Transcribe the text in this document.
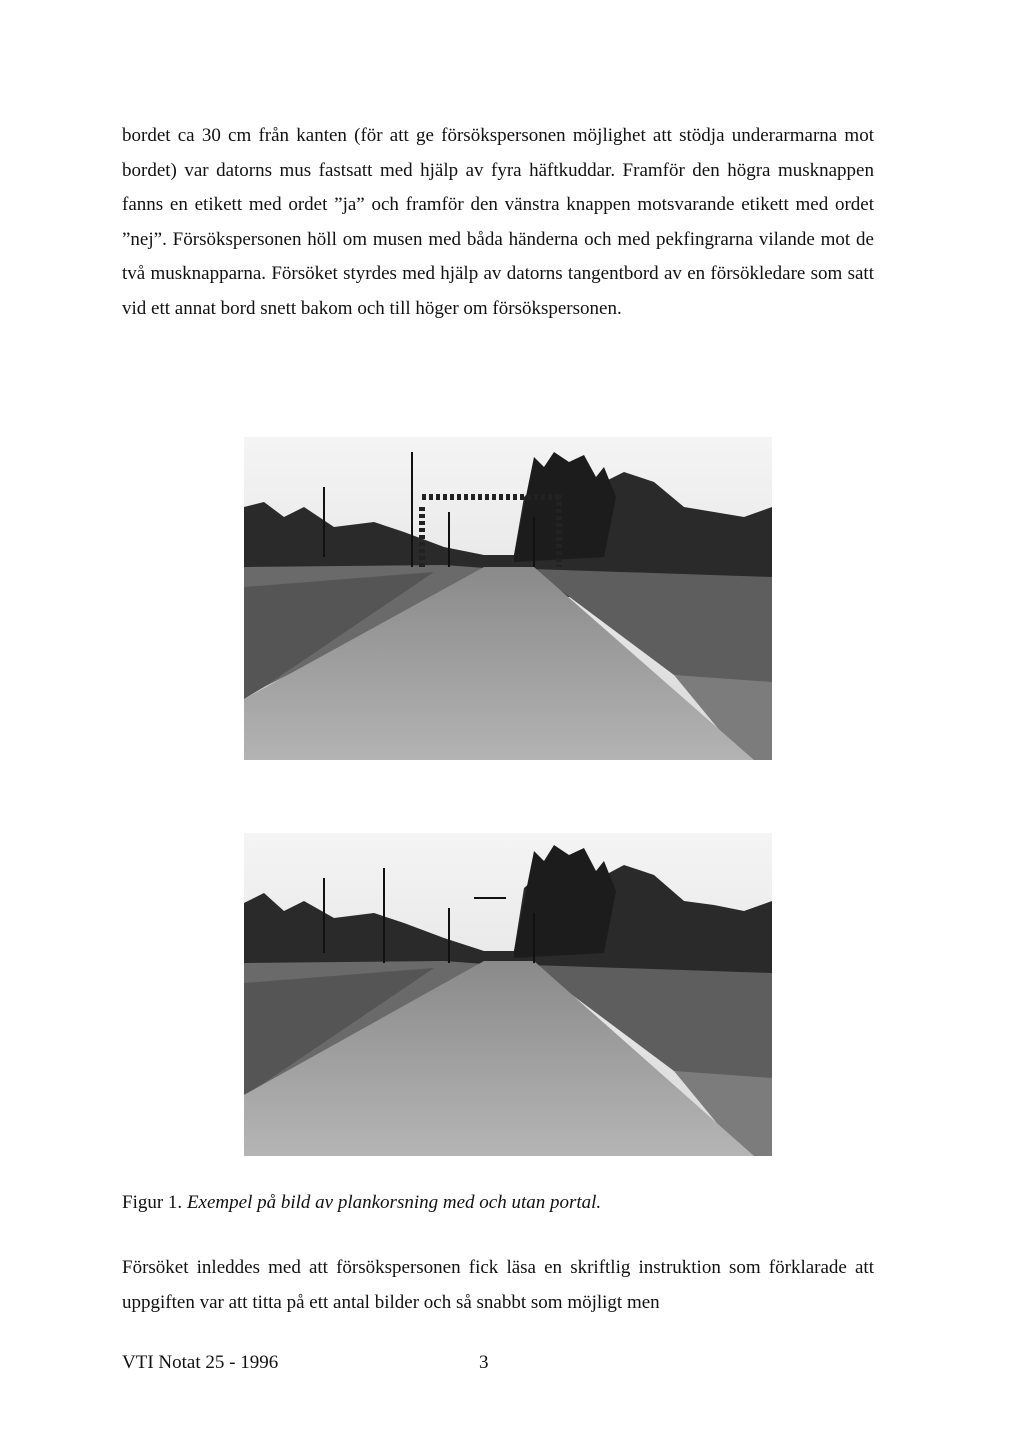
bordet ca 30 cm från kanten (för att ge försökspersonen möjlighet att stödja underarmarna mot bordet) var datorns mus fastsatt med hjälp av fyra häftkuddar. Framför den högra musknappen fanns en etikett med ordet ”ja” och framför den vänstra knappen motsvarande etikett med ordet ”nej”. Försökspersonen höll om musen med båda händerna och med pekfingrarna vilande mot de två musknapparna. Försöket styrdes med hjälp av datorns tangentbord av en försökledare som satt vid ett annat bord snett bakom och till höger om försökspersonen.

Figur 1. Exempel på bild av plankorsning med och utan portal.

Försöket inleddes med att försökspersonen fick läsa en skriftlig instruktion som förklarade att uppgiften var att titta på ett antal bilder och så snabbt som möjligt men

VTI Notat 25 - 1996	3
